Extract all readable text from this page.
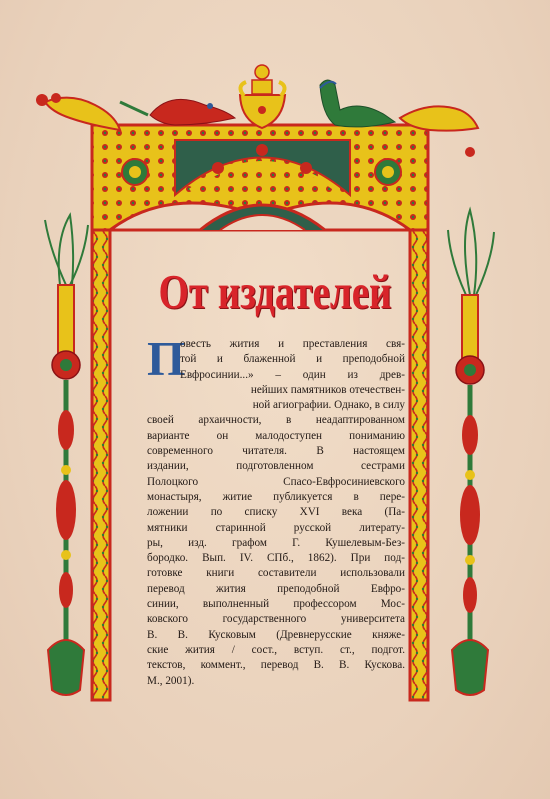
От издателей
П
овесть жития и преставления свя-
той и блаженной и преподобной
Евфросинии...» – один из древ-
нейших памятников отечествен-
ной агиографии. Однако, в силу
своей архаичности, в неадаптированном
варианте он малодоступен пониманию
современного читателя. В настоящем
издании, подготовленном сестрами
Полоцкого Спасо-Евфросиниевского
монастыря, житие публикуется в пере-
ложении по списку XVI века (Па-
мятники старинной русской литерату-
ры, изд. графом Г. Кушелевым-Без-
бородко. Вып. IV. СПб., 1862). При под-
готовке книги составители использовали
перевод жития преподобной Евфро-
синии, выполненный профессором Мос-
ковского государственного университета
В. В. Кусковым (Древнерусские княже-
ские жития / сост., вступ. ст., подгот.
текстов, коммент., перевод В. В. Кускова.
М., 2001).
